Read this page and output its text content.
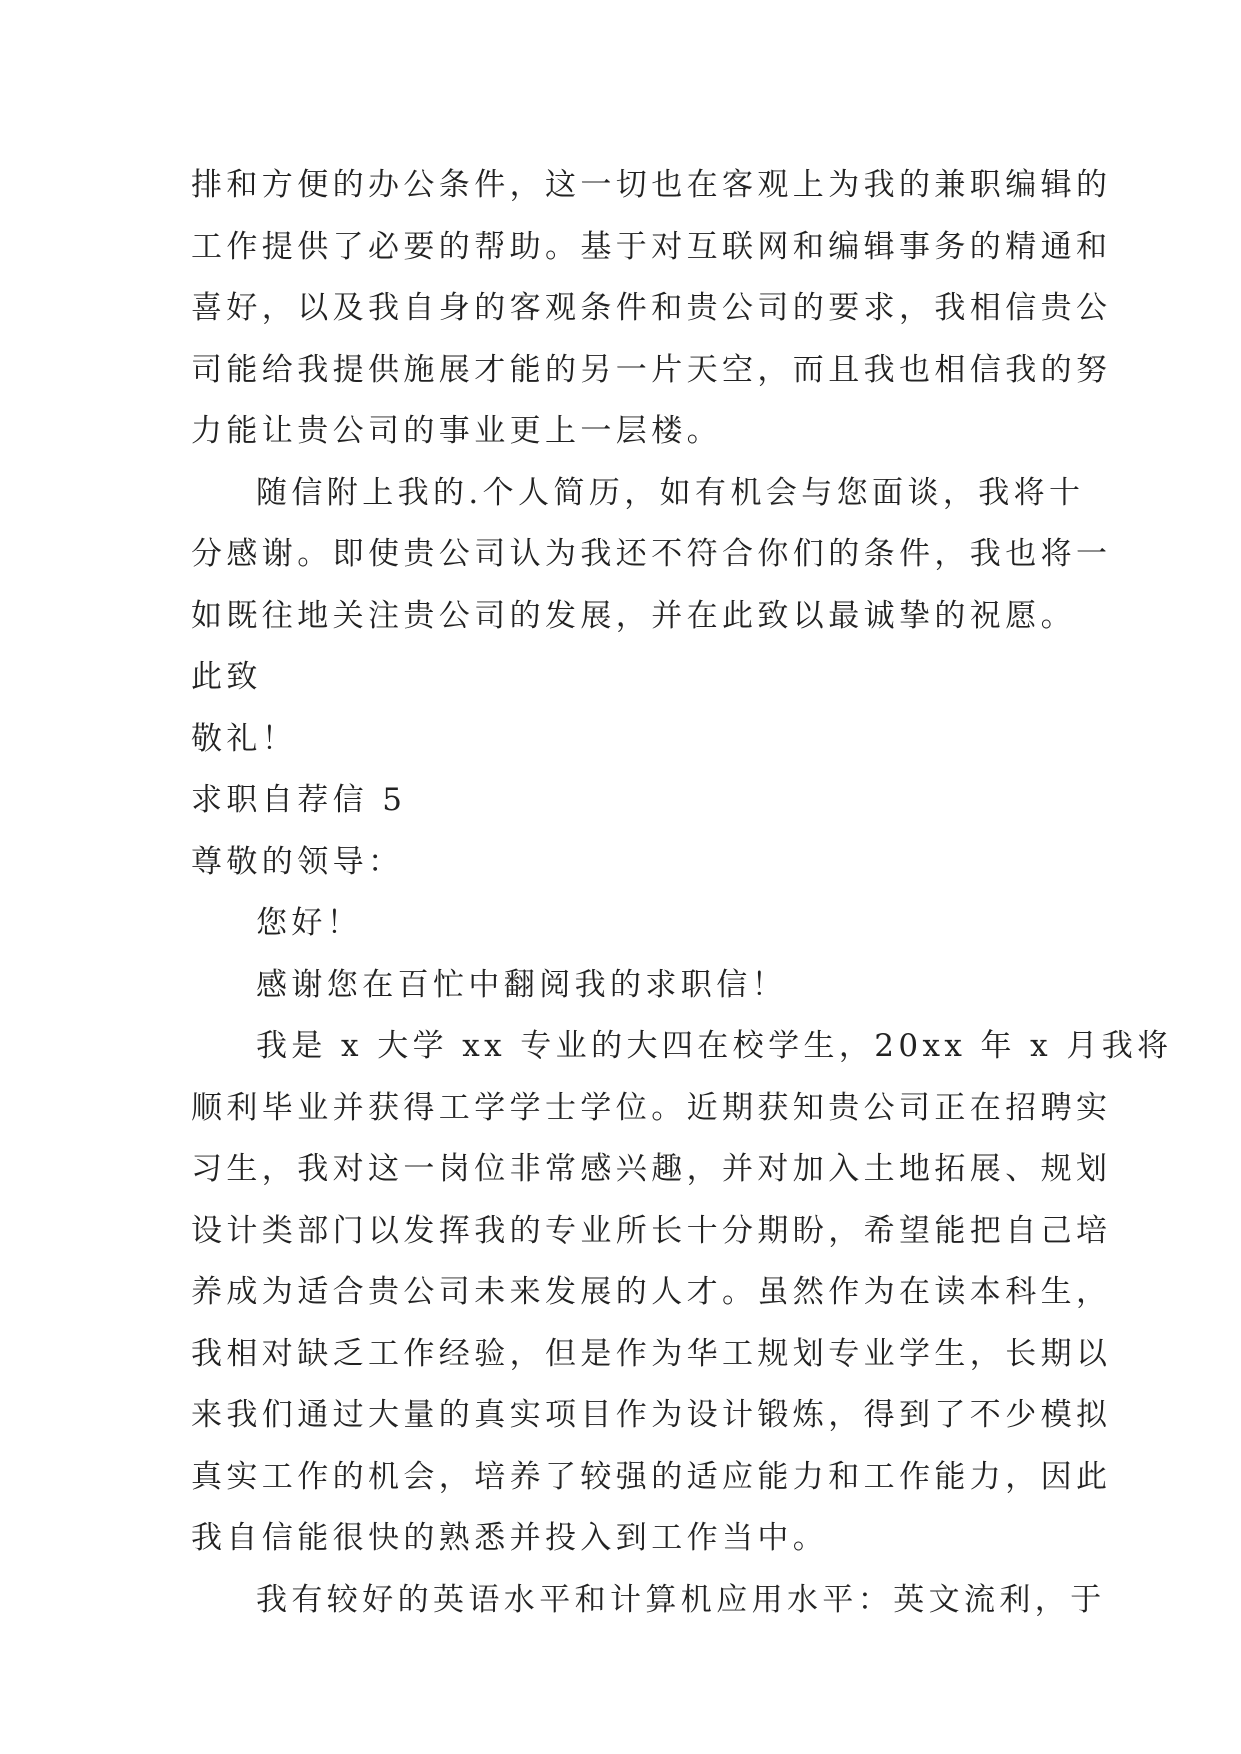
排和方便的办公条件，这一切也在客观上为我的兼职编辑的
工作提供了必要的帮助。基于对互联网和编辑事务的精通和
喜好，以及我自身的客观条件和贵公司的要求，我相信贵公
司能给我提供施展才能的另一片天空，而且我也相信我的努
力能让贵公司的事业更上一层楼。
随信附上我的.个人简历，如有机会与您面谈，我将十
分感谢。即使贵公司认为我还不符合你们的条件，我也将一
如既往地关注贵公司的发展，并在此致以最诚挚的祝愿。
此致
敬礼！
求职自荐信 5
尊敬的领导：
您好！
感谢您在百忙中翻阅我的求职信！
我是 x 大学 xx 专业的大四在校学生，20xx 年 x 月我将
顺利毕业并获得工学学士学位。近期获知贵公司正在招聘实
习生，我对这一岗位非常感兴趣，并对加入土地拓展、规划
设计类部门以发挥我的专业所长十分期盼，希望能把自己培
养成为适合贵公司未来发展的人才。虽然作为在读本科生，
我相对缺乏工作经验，但是作为华工规划专业学生，长期以
来我们通过大量的真实项目作为设计锻炼，得到了不少模拟
真实工作的机会，培养了较强的适应能力和工作能力，因此
我自信能很快的熟悉并投入到工作当中。
我有较好的英语水平和计算机应用水平：英文流利，于
